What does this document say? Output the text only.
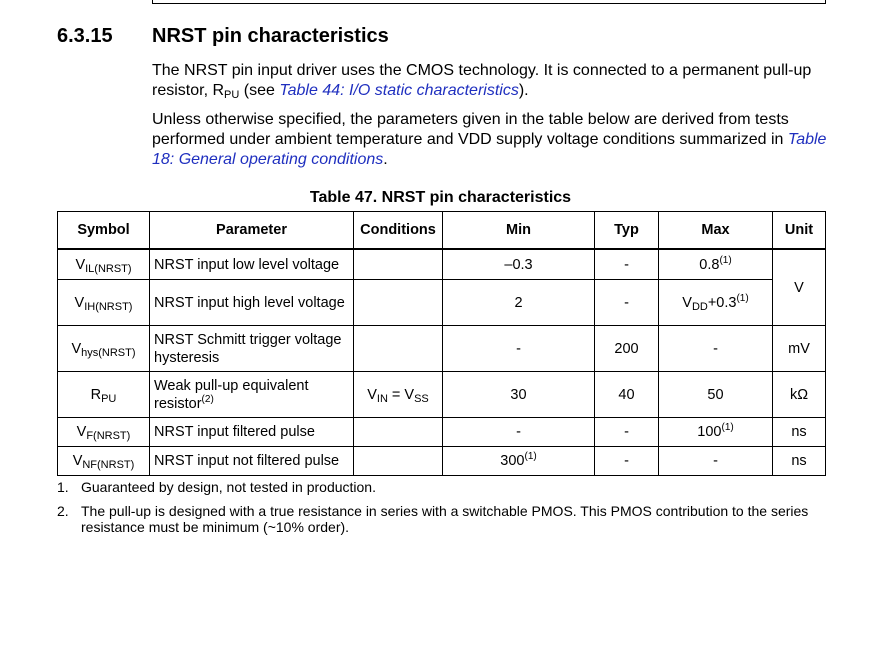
6.3.15 NRST pin characteristics

The NRST pin input driver uses the CMOS technology. It is connected to a permanent pull-up resistor, $R_{PU}$ (see Table 44: I/O static characteristics).

Unless otherwise specified, the parameters given in the table below are derived from tests performed under ambient temperature and VDD supply voltage conditions summarized in Table 18: General operating conditions.

Table 47. NRST pin characteristics
Symbol	Parameter	Conditions	Min	Typ	Max	Unit
$V_{IL(NRST)}$	NRST input low level voltage		–0.3	-	0.8$^{(1)}$	V
$V_{IH(NRST)}$	NRST input high level voltage		2	-	$V_{DD}+0.3^{(1)}$
$V_{hys(NRST)}$	NRST Schmitt trigger voltage hysteresis		-	200	-	mV
$R_{PU}$	Weak pull-up equivalent resistor$^{(2)}$	$V_{IN} = V_{SS}$	30	40	50	kΩ
$V_{F(NRST)}$	NRST input filtered pulse		-	-	100$^{(1)}$	ns
$V_{NF(NRST)}$	NRST input not filtered pulse		300$^{(1)}$	-	-	ns
1. Guaranteed by design, not tested in production.
2. The pull-up is designed with a true resistance in series with a switchable PMOS. This PMOS contribution to the series resistance must be minimum (~10% order).
